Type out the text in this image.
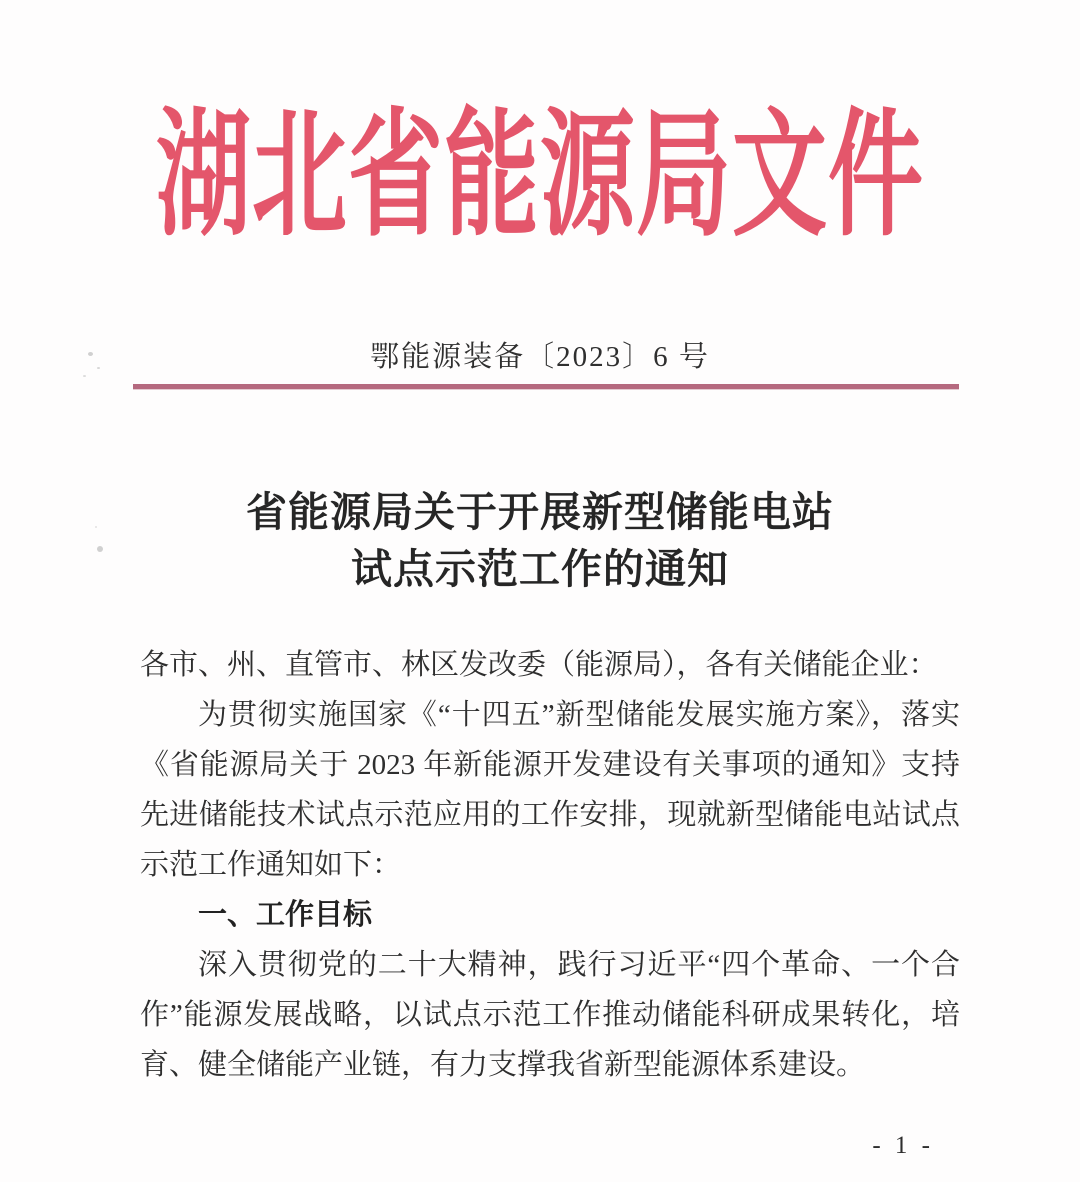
湖北省能源局文件
鄂能源装备〔2023〕6 号
省能源局关于开展新型储能电站
试点示范工作的通知
各市、州、直管市、林区发改委（能源局），各有关储能企业：
为贯彻实施国家《“十四五”新型储能发展实施方案》，落实
《省能源局关于 2023 年新能源开发建设有关事项的通知》支持
先进储能技术试点示范应用的工作安排，现就新型储能电站试点
示范工作通知如下：
一、工作目标
深入贯彻党的二十大精神，践行习近平“四个革命、一个合
作”能源发展战略，以试点示范工作推动储能科研成果转化，培
育、健全储能产业链，有力支撑我省新型能源体系建设。
- 1 -
